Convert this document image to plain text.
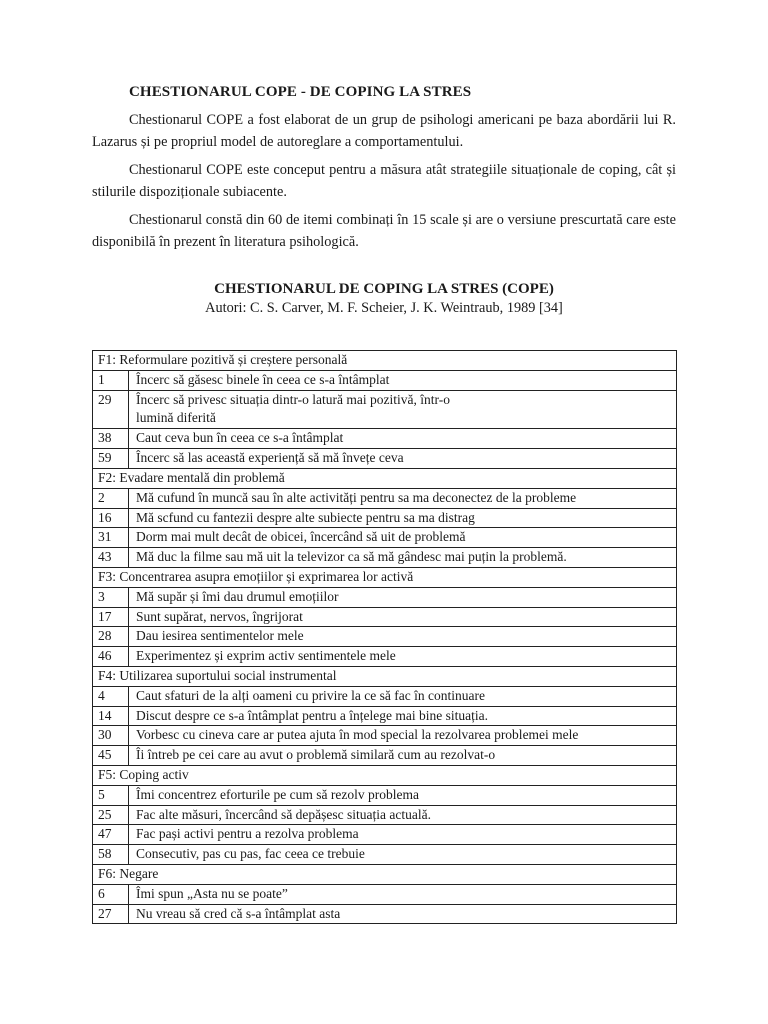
CHESTIONARUL COPE - DE COPING LA STRES
Chestionarul COPE a fost elaborat de un grup de psihologi americani pe baza abordării lui R. Lazarus și pe propriul model de autoreglare a comportamentului.
Chestionarul COPE este conceput pentru a măsura atât strategiile situaționale de coping, cât și stilurile dispoziționale subiacente.
Chestionarul constă din 60 de itemi combinați în 15 scale și are o versiune prescurtată care este disponibilă în prezent în literatura psihologică.
CHESTIONARUL DE COPING LA STRES (COPE)
Autori: C. S. Carver, M. F. Scheier, J. K. Weintraub, 1989 [34]
F1: Reformulare pozitivă și creștere personală	
1	Încerc să găsesc binele în ceea ce s-a întâmplat
29	Încerc să privesc situația dintr-o latură mai pozitivă, într-o lumină diferită

38	Caut ceva bun în ceea ce s-a întâmplat
59	Încerc să las această experiență să mă învețe ceva
F2: Evadare mentală din problemă	
2	Mă cufund în muncă sau în alte activități pentru sa ma deconectez de la probleme
16	Mă scfund cu fantezii despre alte subiecte pentru sa ma distrag
31	Dorm mai mult decât de obicei, încercând să uit de problemă
43	Mă duc la filme sau mă uit la televizor ca să mă gândesc mai puțin la problemă.
F3: Concentrarea asupra emoțiilor și exprimarea lor activă	
3	Mă supăr și îmi dau drumul emoțiilor
17	Sunt supărat, nervos, îngrijorat
28	Dau iesirea sentimentelor mele
46	Experimentez și exprim activ sentimentele mele
F4: Utilizarea suportului social instrumental	
4	Caut sfaturi de la alți oameni cu privire la ce să fac în continuare
14	Discut despre ce s-a întâmplat pentru a înțelege mai bine situația.
30	Vorbesc cu cineva care ar putea ajuta în mod special la rezolvarea problemei mele
45	Îi întreb pe cei care au avut o problemă similară cum au rezolvat-o
F5: Coping activ	
5	Îmi concentrez eforturile pe cum să rezolv problema
25	Fac alte măsuri, încercând să depășesc situația actuală.
47	Fac pași activi pentru a rezolva problema
58	Consecutiv, pas cu pas, fac ceea ce trebuie
F6: Negare	
6	Îmi spun „Asta nu se poate”
27	Nu vreau să cred că s-a întâmplat asta
